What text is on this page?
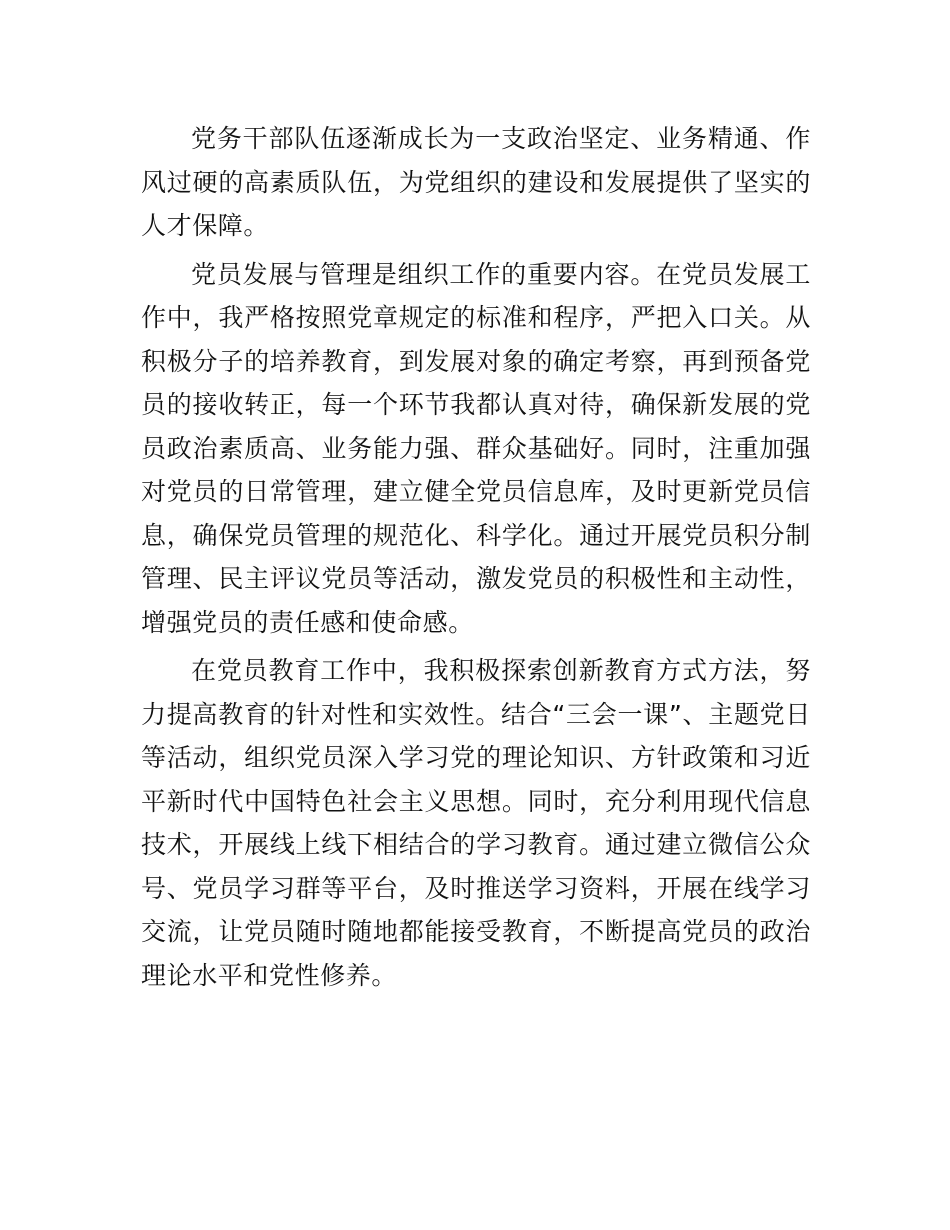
党务干部队伍逐渐成长为一支政治坚定、业务精通、作风过硬的高素质队伍，为党组织的建设和发展提供了坚实的人才保障。

党员发展与管理是组织工作的重要内容。在党员发展工作中，我严格按照党章规定的标准和程序，严把入口关。从积极分子的培养教育，到发展对象的确定考察，再到预备党员的接收转正，每一个环节我都认真对待，确保新发展的党员政治素质高、业务能力强、群众基础好。同时，注重加强对党员的日常管理，建立健全党员信息库，及时更新党员信息，确保党员管理的规范化、科学化。通过开展党员积分制管理、民主评议党员等活动，激发党员的积极性和主动性，增强党员的责任感和使命感。

在党员教育工作中，我积极探索创新教育方式方法，努力提高教育的针对性和实效性。结合“三会一课”、主题党日等活动，组织党员深入学习党的理论知识、方针政策和习近平新时代中国特色社会主义思想。同时，充分利用现代信息技术，开展线上线下相结合的学习教育。通过建立微信公众号、党员学习群等平台，及时推送学习资料，开展在线学习交流，让党员随时随地都能接受教育，不断提高党员的政治理论水平和党性修养。
